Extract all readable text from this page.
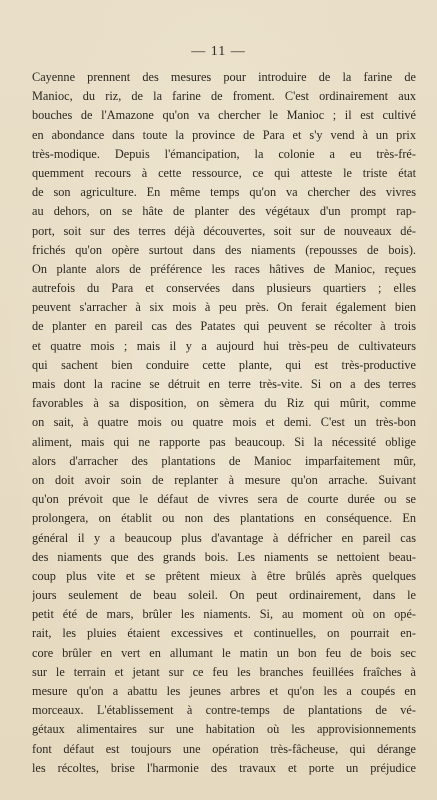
— 11 —
Cayenne prennent des mesures pour introduire de la farine de
Manioc, du riz, de la farine de froment. C'est ordinairement aux
bouches de l'Amazone qu'on va chercher le Manioc ; il est cultivé
en abondance dans toute la province de Para et s'y vend à un prix
très-modique. Depuis l'émancipation, la colonie a eu très-fré-
quemment recours à cette ressource, ce qui atteste le triste état
de son agriculture. En même temps qu'on va chercher des vivres
au dehors, on se hâte de planter des végétaux d'un prompt rap-
port, soit sur des terres déjà découvertes, soit sur de nouveaux dé-
frichés qu'on opère surtout dans des niaments (repousses de bois).
On plante alors de préférence les races hâtives de Manioc, reçues
autrefois du Para et conservées dans plusieurs quartiers ; elles
peuvent s'arracher à six mois à peu près. On ferait également bien
de planter en pareil cas des Patates qui peuvent se récolter à trois
et quatre mois ; mais il y a aujourd hui très-peu de cultivateurs
qui sachent bien conduire cette plante, qui est très-productive
mais dont la racine se détruit en terre très-vite. Si on a des terres
favorables à sa disposition, on sèmera du Riz qui mûrit, comme
on sait, à quatre mois ou quatre mois et demi. C'est un très-bon
aliment, mais qui ne rapporte pas beaucoup. Si la nécessité oblige
alors d'arracher des plantations de Manioc imparfaitement mûr,
on doit avoir soin de replanter à mesure qu'on arrache. Suivant
qu'on prévoit que le défaut de vivres sera de courte durée ou se
prolongera, on établit ou non des plantations en conséquence. En
général il y a beaucoup plus d'avantage à défricher en pareil cas
des niaments que des grands bois. Les niaments se nettoient beau-
coup plus vite et se prêtent mieux à être brûlés après quelques
jours seulement de beau soleil. On peut ordinairement, dans le
petit été de mars, brûler les niaments. Si, au moment où on opé-
rait, les pluies étaient excessives et continuelles, on pourrait en-
core brûler en vert en allumant le matin un bon feu de bois sec
sur le terrain et jetant sur ce feu les branches feuillées fraîches à
mesure qu'on a abattu les jeunes arbres et qu'on les a coupés en
morceaux. L'établissement à contre-temps de plantations de vé-
gétaux alimentaires sur une habitation où les approvisionnements
font défaut est toujours une opération très-fâcheuse, qui dérange
les récoltes, brise l'harmonie des travaux et porte un préjudice
